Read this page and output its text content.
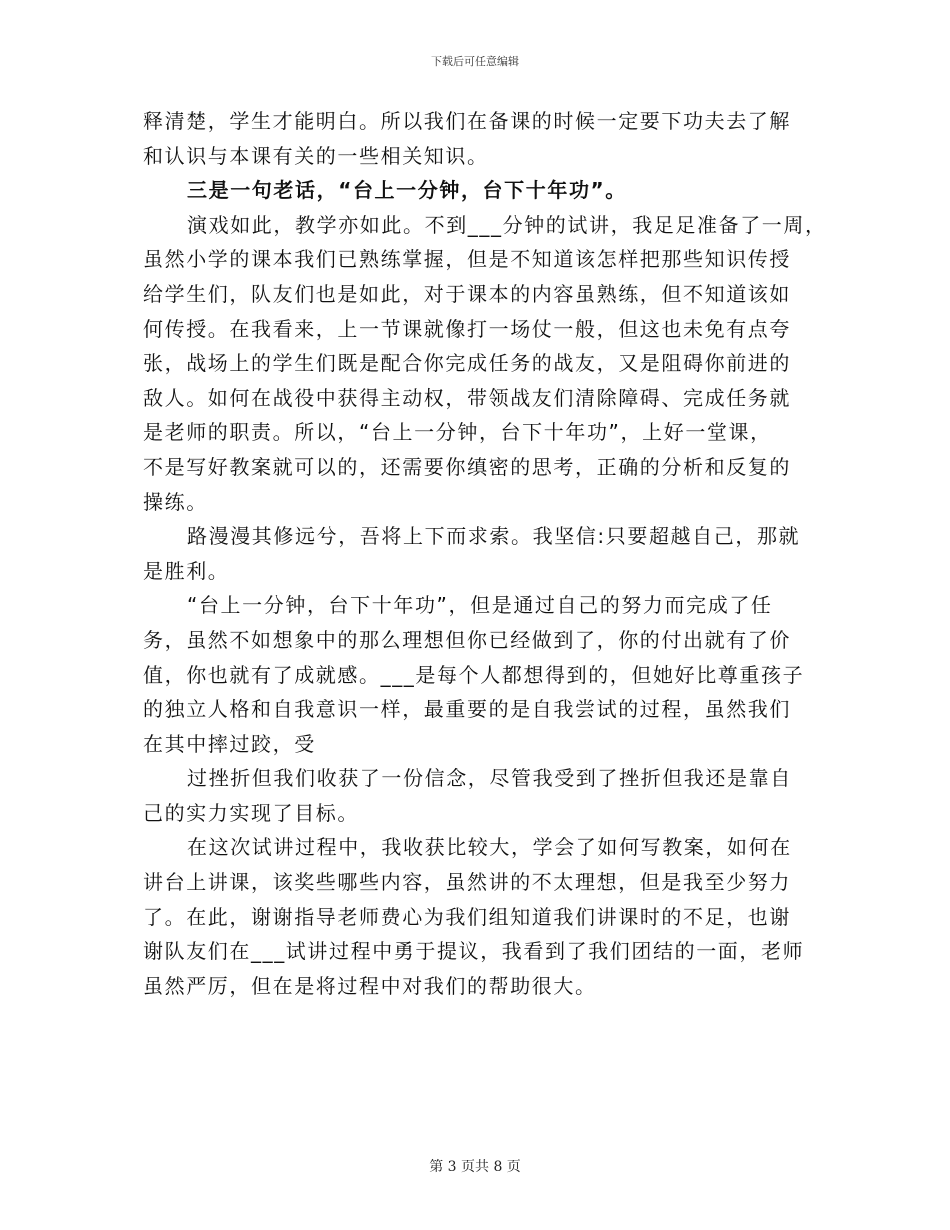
下载后可任意编辑
释清楚，学生才能明白。所以我们在备课的时候一定要下功夫去了解
和认识与本课有关的一些相关知识。
三是一句老话，“台上一分钟，台下十年功”。
演戏如此，教学亦如此。不到___分钟的试讲，我足足准备了一周，
虽然小学的课本我们已熟练掌握，但是不知道该怎样把那些知识传授
给学生们，队友们也是如此，对于课本的内容虽熟练，但不知道该如
何传授。在我看来，上一节课就像打一场仗一般，但这也未免有点夸
张，战场上的学生们既是配合你完成任务的战友，又是阻碍你前进的
敌人。如何在战役中获得主动权，带领战友们清除障碍、完成任务就
是老师的职责。所以，“台上一分钟，台下十年功”，上好一堂课，
不是写好教案就可以的，还需要你缜密的思考，正确的分析和反复的
操练。
路漫漫其修远兮，吾将上下而求索。我坚信:只要超越自己，那就
是胜利。
“台上一分钟，台下十年功”，但是通过自己的努力而完成了任
务，虽然不如想象中的那么理想但你已经做到了，你的付出就有了价
值，你也就有了成就感。___是每个人都想得到的，但她好比尊重孩子
的独立人格和自我意识一样，最重要的是自我尝试的过程，虽然我们
在其中摔过跤，受
过挫折但我们收获了一份信念，尽管我受到了挫折但我还是靠自
己的实力实现了目标。
在这次试讲过程中，我收获比较大，学会了如何写教案，如何在
讲台上讲课，该奖些哪些内容，虽然讲的不太理想，但是我至少努力
了。在此，谢谢指导老师费心为我们组知道我们讲课时的不足，也谢
谢队友们在___试讲过程中勇于提议，我看到了我们团结的一面，老师
虽然严厉，但在是将过程中对我们的帮助很大。
第 3 页共 8 页
